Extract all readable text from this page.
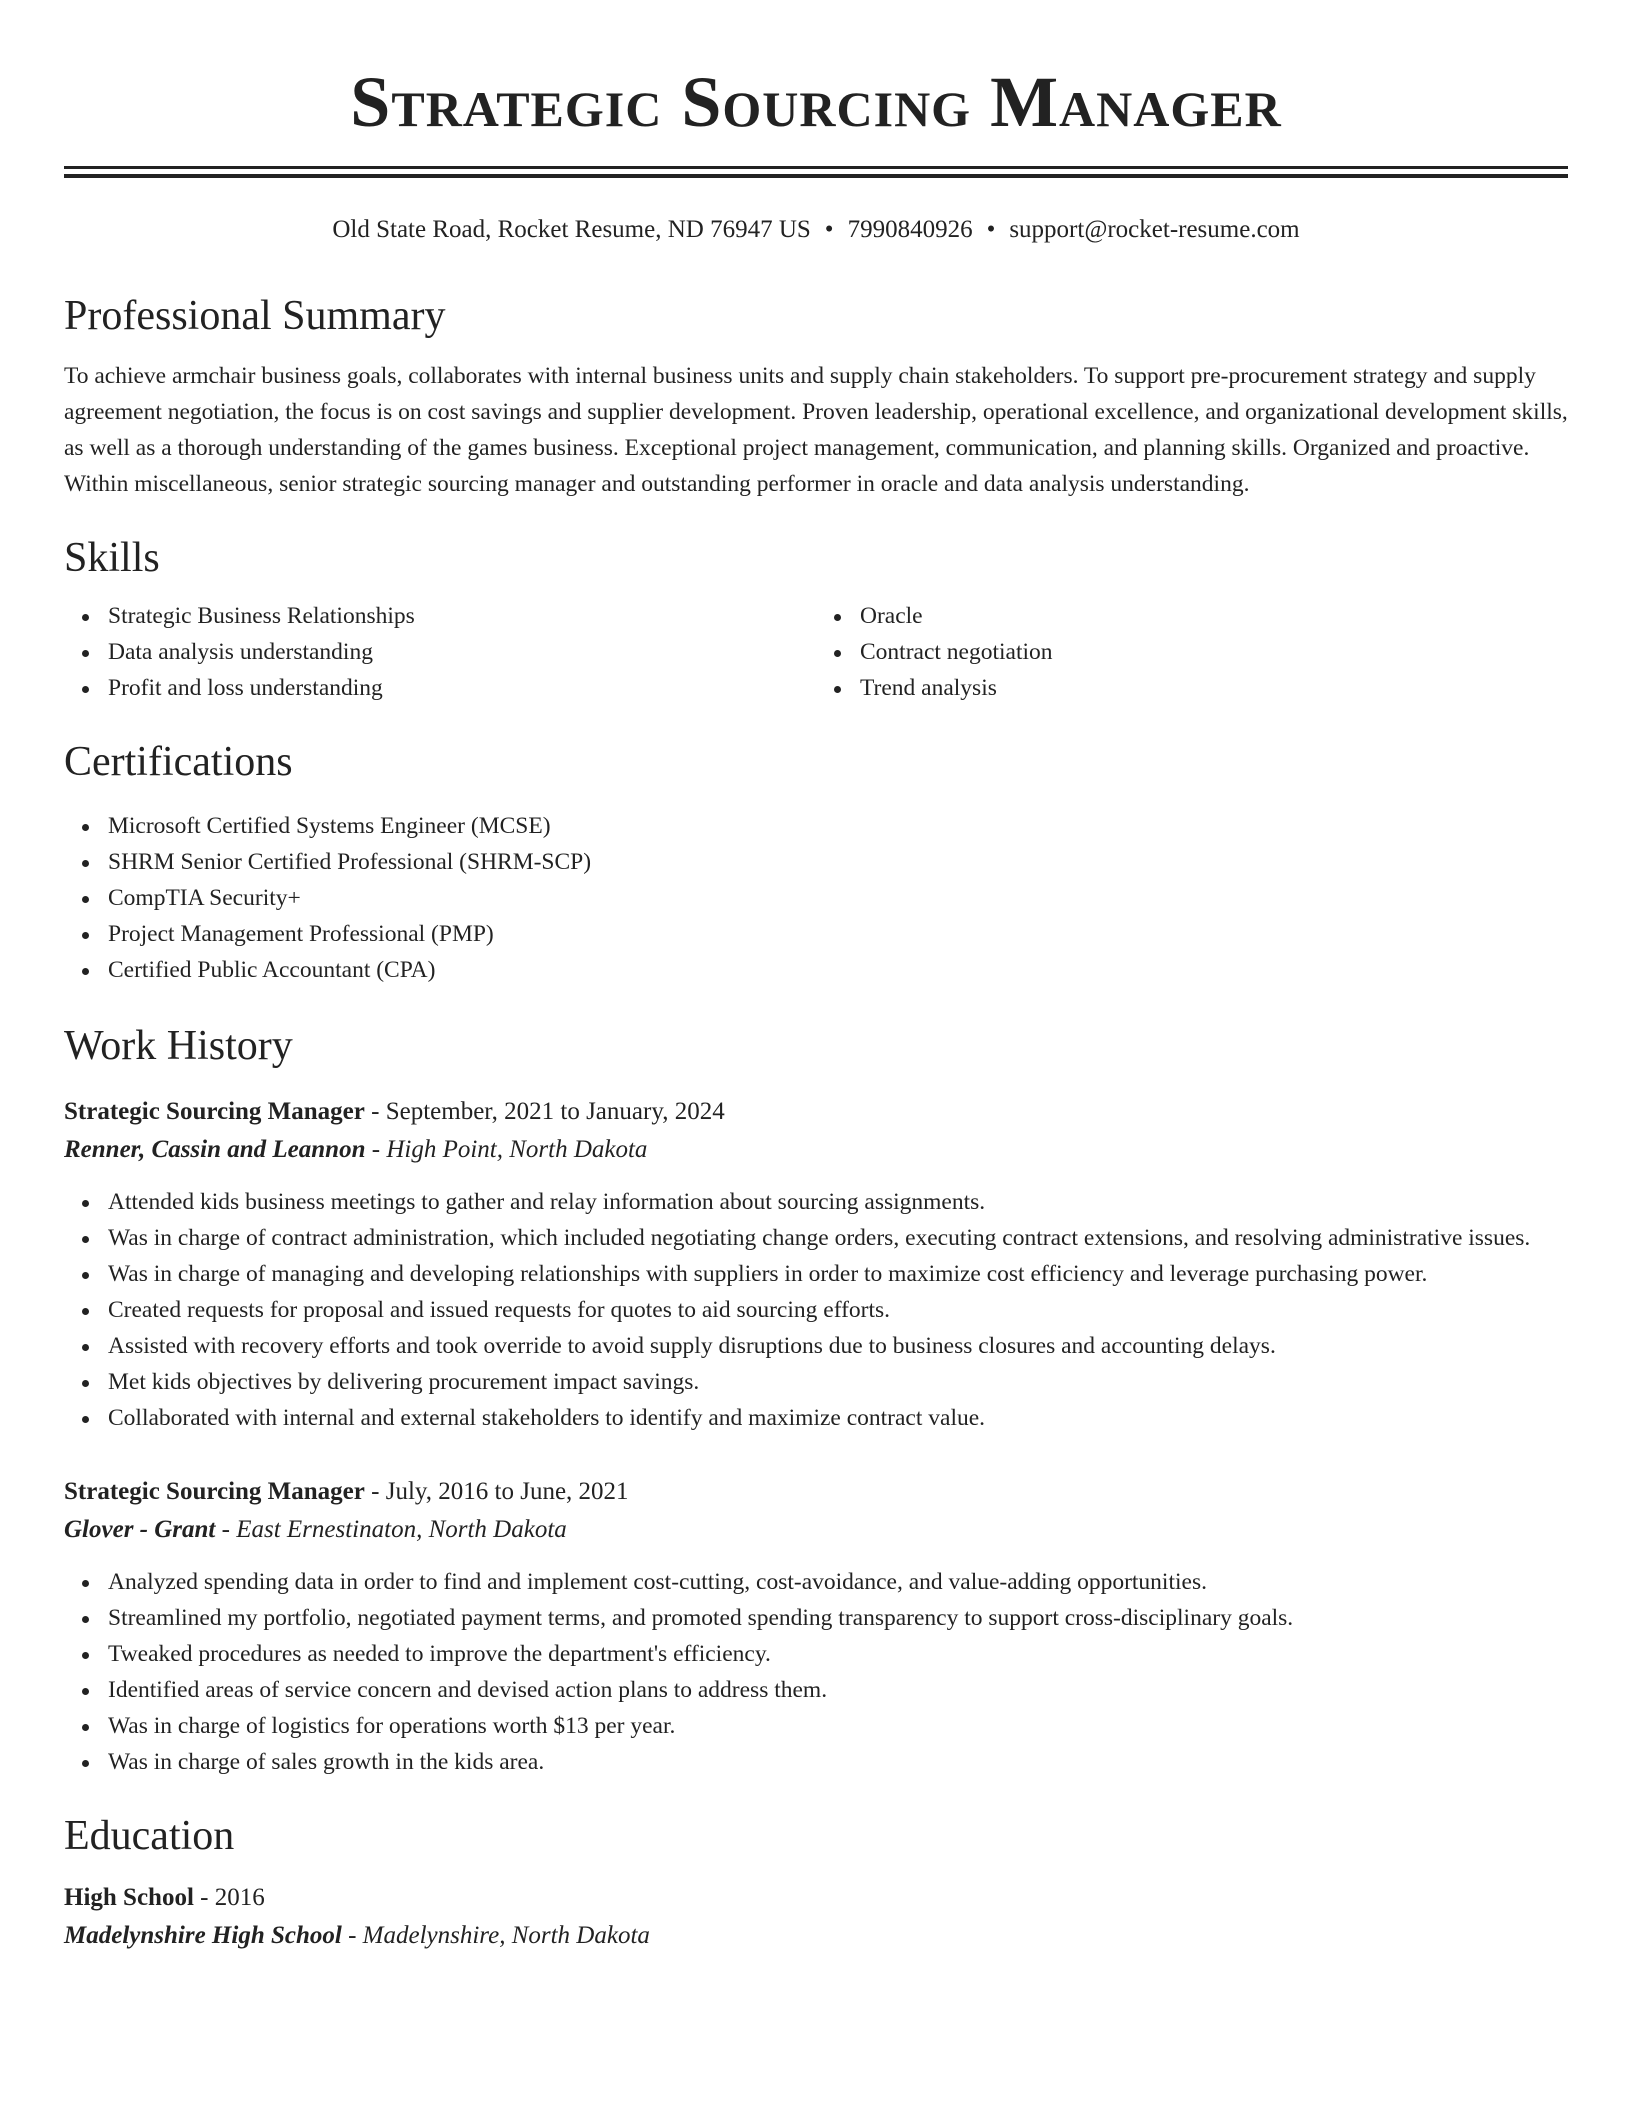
Strategic Sourcing Manager
Old State Road, Rocket Resume, ND 76947 US • 7990840926 • support@rocket-resume.com
Professional Summary

To achieve armchair business goals, collaborates with internal business units and supply chain stakeholders. To support pre-procurement strategy and supply agreement negotiation, the focus is on cost savings and supplier development. Proven leadership, operational excellence, and organizational development skills, as well as a thorough understanding of the games business. Exceptional project management, communication, and planning skills. Organized and proactive. Within miscellaneous, senior strategic sourcing manager and outstanding performer in oracle and data analysis understanding.

Skills
Strategic Business Relationships
Data analysis understanding
Profit and loss understanding
Oracle
Contract negotiation
Trend analysis
Certifications
Microsoft Certified Systems Engineer (MCSE)
SHRM Senior Certified Professional (SHRM-SCP)
CompTIA Security+
Project Management Professional (PMP)
Certified Public Accountant (CPA)
Work History
Strategic Sourcing Manager - September, 2021 to January, 2024
Renner, Cassin and Leannon - High Point, North Dakota
Attended kids business meetings to gather and relay information about sourcing assignments.
Was in charge of contract administration, which included negotiating change orders, executing contract extensions, and resolving administrative issues.
Was in charge of managing and developing relationships with suppliers in order to maximize cost efficiency and leverage purchasing power.
Created requests for proposal and issued requests for quotes to aid sourcing efforts.
Assisted with recovery efforts and took override to avoid supply disruptions due to business closures and accounting delays.
Met kids objectives by delivering procurement impact savings.
Collaborated with internal and external stakeholders to identify and maximize contract value.
Strategic Sourcing Manager - July, 2016 to June, 2021
Glover - Grant - East Ernestinaton, North Dakota
Analyzed spending data in order to find and implement cost-cutting, cost-avoidance, and value-adding opportunities.
Streamlined my portfolio, negotiated payment terms, and promoted spending transparency to support cross-disciplinary goals.
Tweaked procedures as needed to improve the department's efficiency.
Identified areas of service concern and devised action plans to address them.
Was in charge of logistics for operations worth $13 per year.
Was in charge of sales growth in the kids area.
Education
High School - 2016
Madelynshire High School - Madelynshire, North Dakota
